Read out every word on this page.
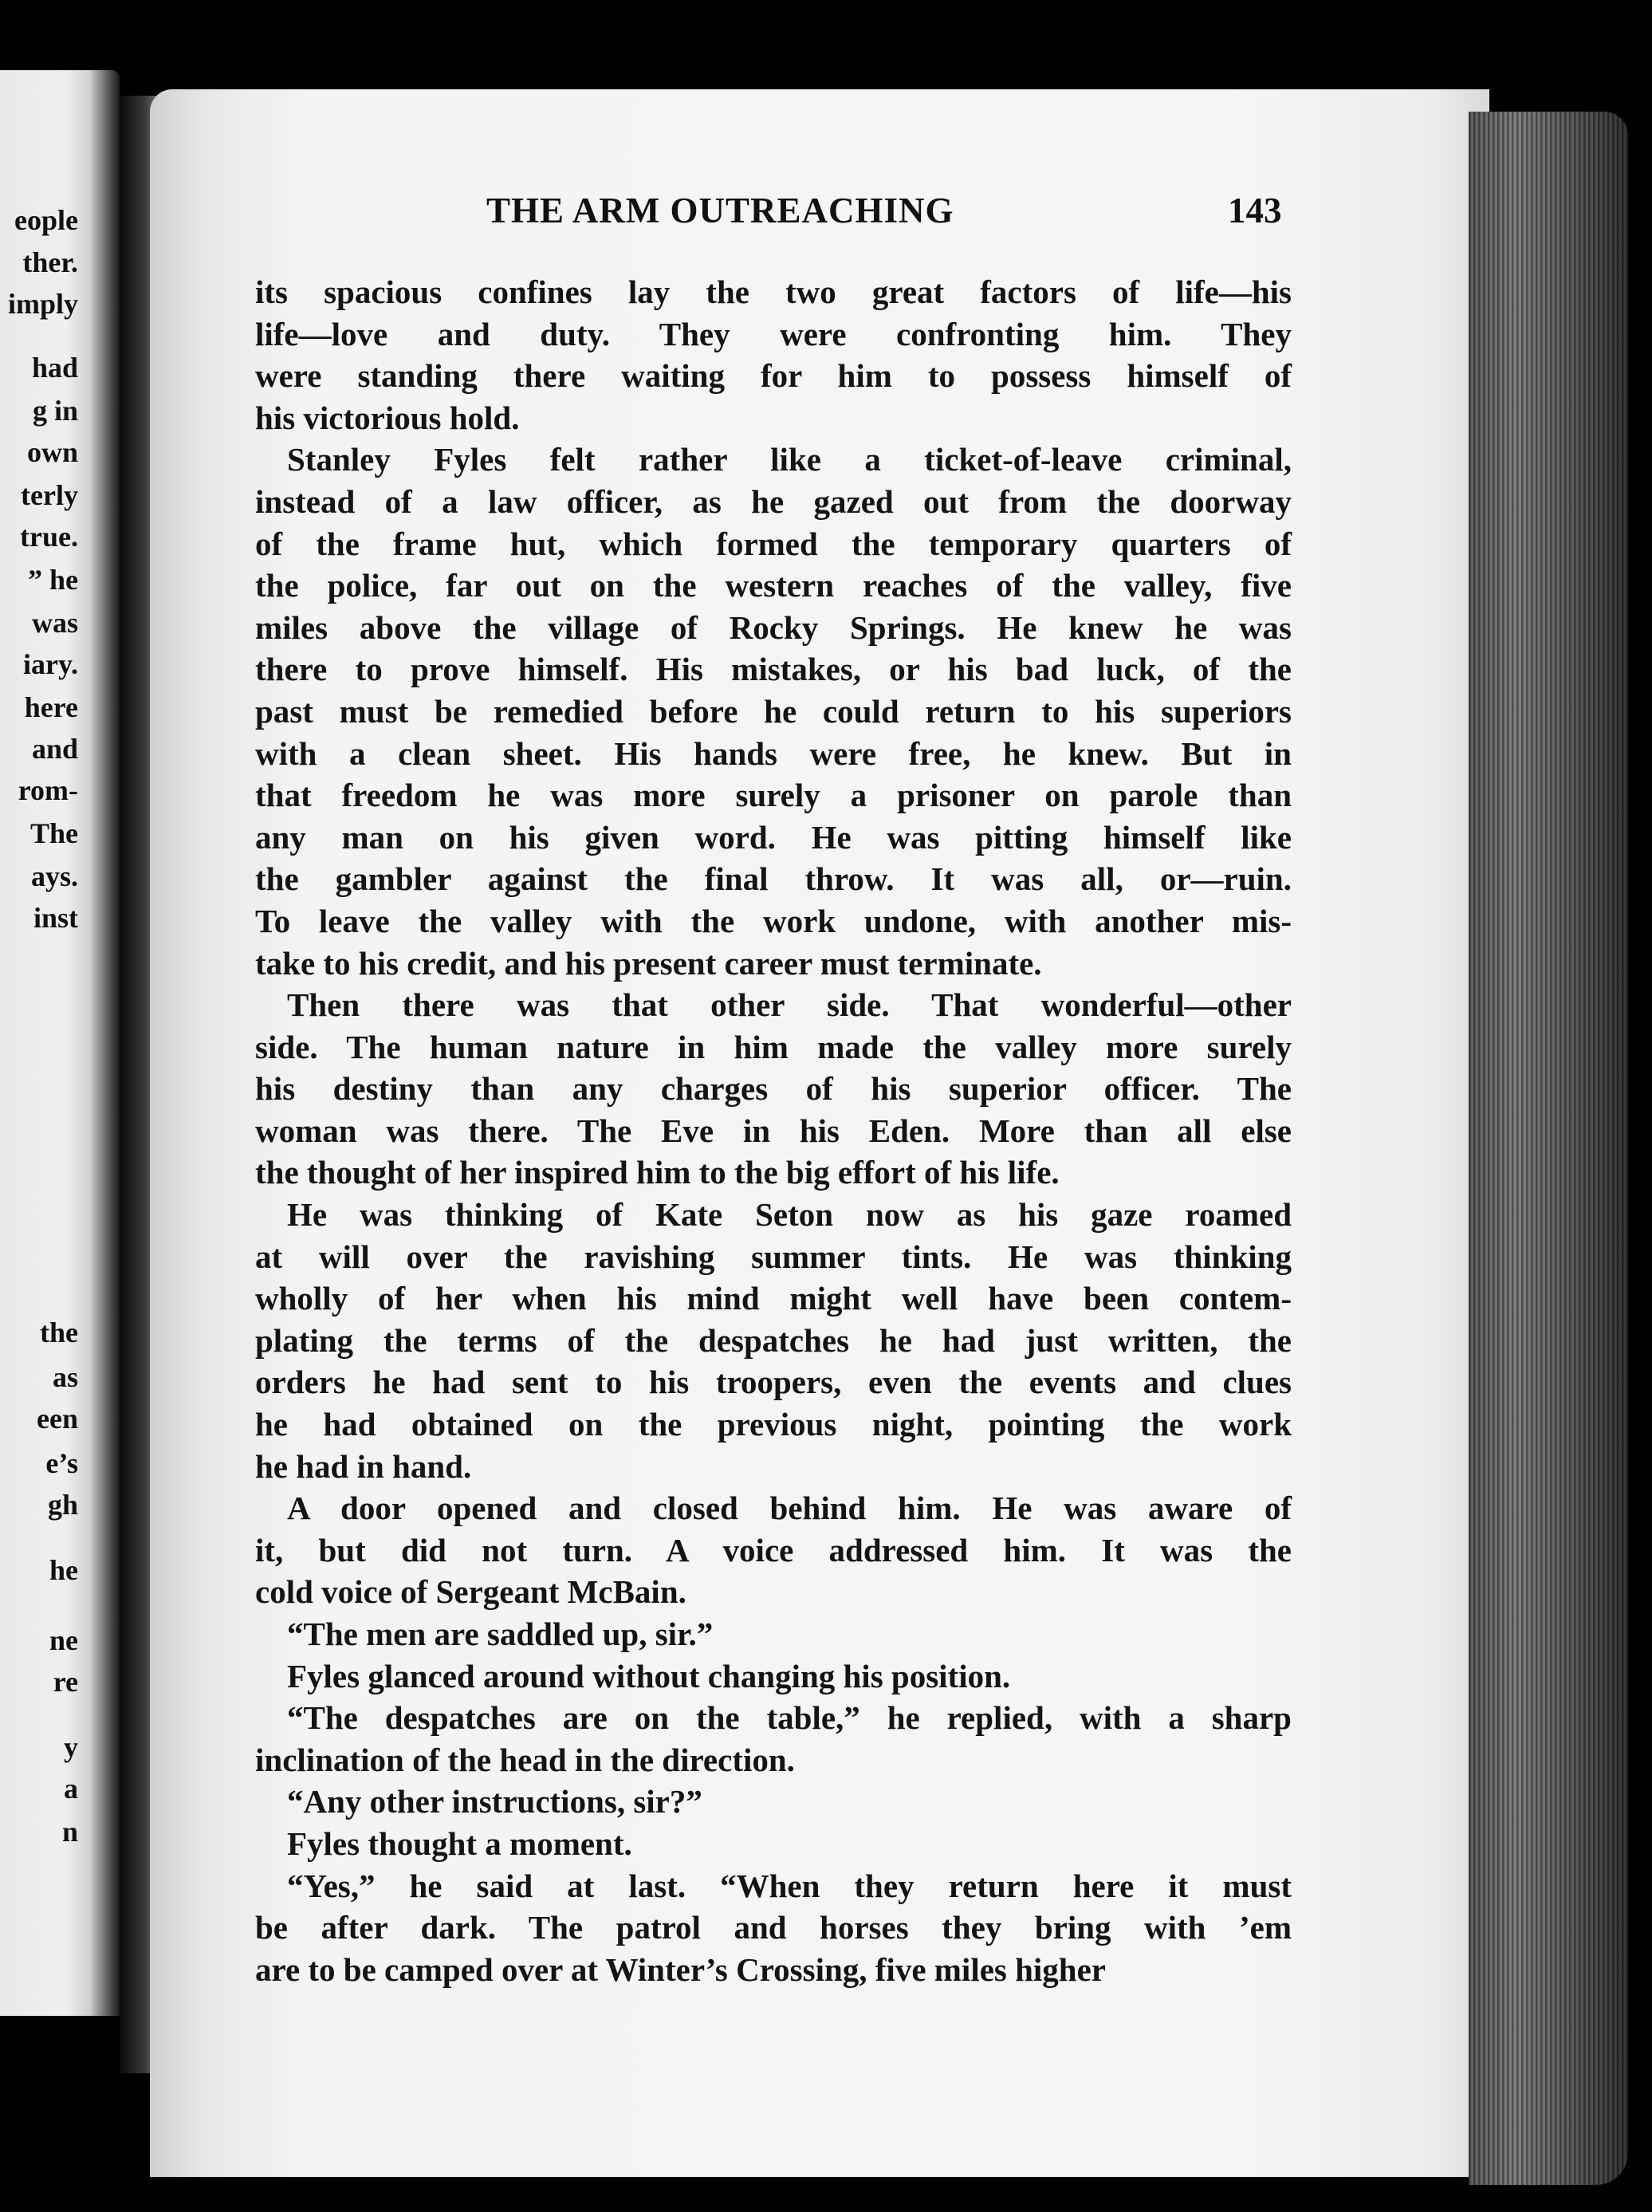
eople
ther.
imply
had
g in
own
terly
true.
” he
was
iary.
here
and
rom-
The
ays.
inst
the
as
een
e’s
gh
he
ne
re
y
a
n
THE ARM OUTREACHING	143
its spacious confines lay the two great factors of life—his
life—love and duty. They were confronting him. They
were standing there waiting for him to possess himself of
his victorious hold.
Stanley Fyles felt rather like a ticket-of-leave criminal,
instead of a law officer, as he gazed out from the doorway
of the frame hut, which formed the temporary quarters of
the police, far out on the western reaches of the valley, five
miles above the village of Rocky Springs. He knew he was
there to prove himself. His mistakes, or his bad luck, of the
past must be remedied before he could return to his superiors
with a clean sheet. His hands were free, he knew. But in
that freedom he was more surely a prisoner on parole than
any man on his given word. He was pitting himself like
the gambler against the final throw. It was all, or—ruin.
To leave the valley with the work undone, with another mis-
take to his credit, and his present career must terminate.
Then there was that other side. That wonderful—other
side. The human nature in him made the valley more surely
his destiny than any charges of his superior officer. The
woman was there. The Eve in his Eden. More than all else
the thought of her inspired him to the big effort of his life.
He was thinking of Kate Seton now as his gaze roamed
at will over the ravishing summer tints. He was thinking
wholly of her when his mind might well have been contem-
plating the terms of the despatches he had just written, the
orders he had sent to his troopers, even the events and clues
he had obtained on the previous night, pointing the work
he had in hand.
A door opened and closed behind him. He was aware of
it, but did not turn. A voice addressed him. It was the
cold voice of Sergeant McBain.
“The men are saddled up, sir.”
Fyles glanced around without changing his position.
“The despatches are on the table,” he replied, with a sharp
inclination of the head in the direction.
“Any other instructions, sir?”
Fyles thought a moment.
“Yes,” he said at last. “When they return here it must
be after dark. The patrol and horses they bring with ’em
are to be camped over at Winter’s Crossing, five miles higher
